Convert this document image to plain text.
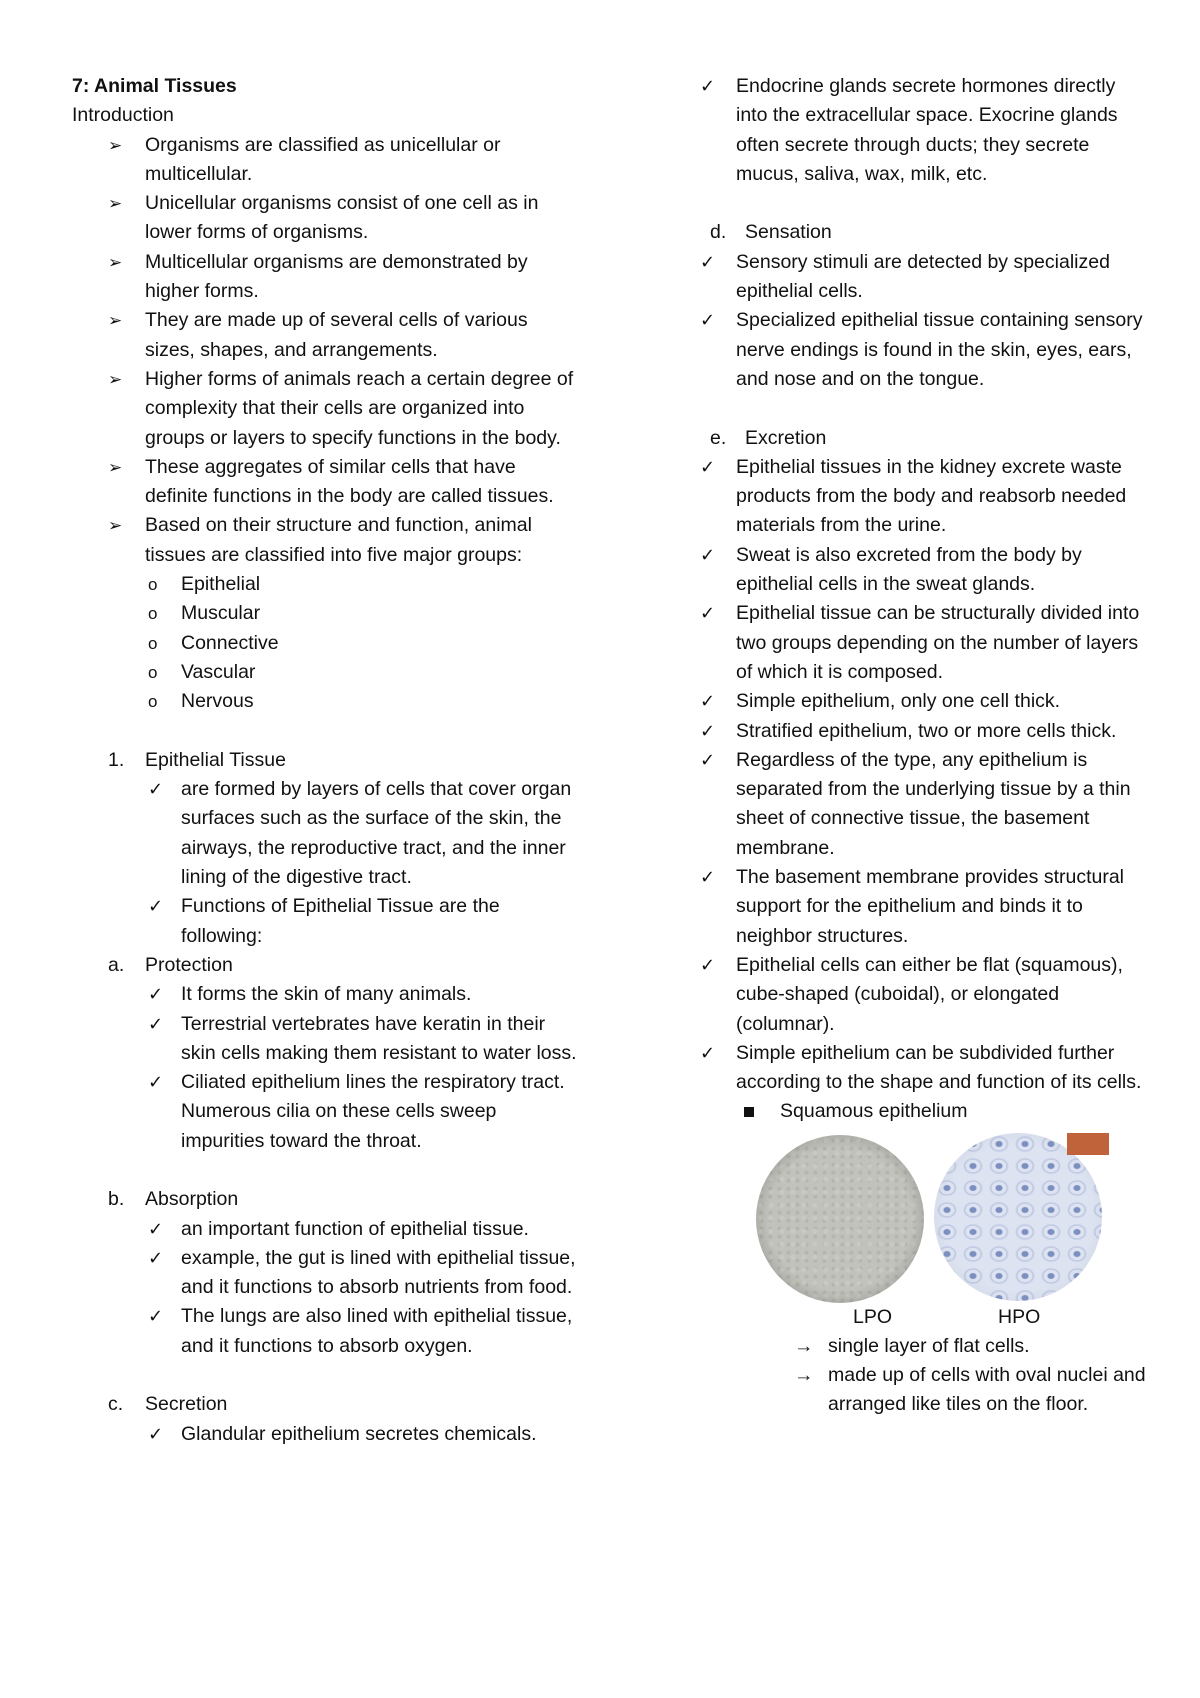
7: Animal Tissues
Introduction
➢ Organisms are classified as unicellular or multicellular.
➢ Unicellular organisms consist of one cell as in lower forms of organisms.
➢ Multicellular organisms are demonstrated by higher forms.
➢ They are made up of several cells of various sizes, shapes, and arrangements.
➢ Higher forms of animals reach a certain degree of complexity that their cells are organized into groups or layers to specify functions in the body.
➢ These aggregates of similar cells that have definite functions in the body are called tissues.
➢ Based on their structure and function, animal tissues are classified into five major groups:
o Epithelial
o Muscular
o Connective
o Vascular
o Nervous
1. Epithelial Tissue
✓ are formed by layers of cells that cover organ surfaces such as the surface of the skin, the airways, the reproductive tract, and the inner lining of the digestive tract.
✓ Functions of Epithelial Tissue are the following:
a. Protection
✓ It forms the skin of many animals.
✓ Terrestrial vertebrates have keratin in their skin cells making them resistant to water loss.
✓ Ciliated epithelium lines the respiratory tract. Numerous cilia on these cells sweep impurities toward the throat.
b. Absorption
✓ an important function of epithelial tissue.
✓ example, the gut is lined with epithelial tissue, and it functions to absorb nutrients from food.
✓ The lungs are also lined with epithelial tissue, and it functions to absorb oxygen.
c. Secretion
✓ Glandular epithelium secretes chemicals.
✓ Endocrine glands secrete hormones directly into the extracellular space. Exocrine glands often secrete through ducts; they secrete mucus, saliva, wax, milk, etc.
d. Sensation
✓ Sensory stimuli are detected by specialized epithelial cells.
✓ Specialized epithelial tissue containing sensory nerve endings is found in the skin, eyes, ears, and nose and on the tongue.
e. Excretion
✓ Epithelial tissues in the kidney excrete waste products from the body and reabsorb needed materials from the urine.
✓ Sweat is also excreted from the body by epithelial cells in the sweat glands.
✓ Epithelial tissue can be structurally divided into two groups depending on the number of layers of which it is composed.
✓ Simple epithelium, only one cell thick.
✓ Stratified epithelium, two or more cells thick.
✓ Regardless of the type, any epithelium is separated from the underlying tissue by a thin sheet of connective tissue, the basement membrane.
✓ The basement membrane provides structural support for the epithelium and binds it to neighbor structures.
✓ Epithelial cells can either be flat (squamous), cube-shaped (cuboidal), or elongated (columnar).
✓ Simple epithelium can be subdivided further according to the shape and function of its cells.
Squamous epithelium
LPO	HPO
→ single layer of flat cells.
→ made up of cells with oval nuclei and arranged like tiles on the floor.
